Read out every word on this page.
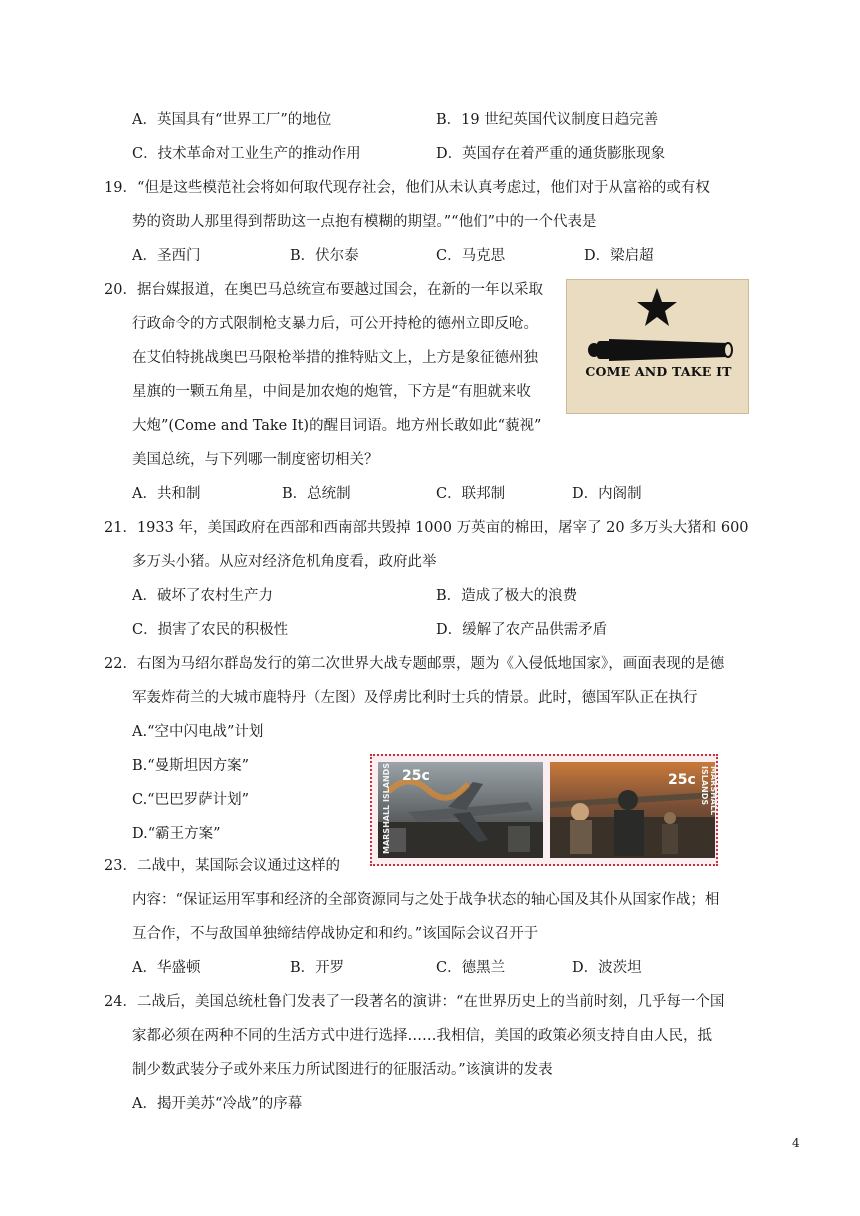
A．英国具有“世界工厂”的地位	B．19 世纪英国代议制度日趋完善
C．技术革命对工业生产的推动作用	D．英国存在着严重的通货膨胀现象
19．“但是这些模范社会将如何取代现存社会，他们从未认真考虑过，他们对于从富裕的或有权
势的资助人那里得到帮助这一点抱有模糊的期望。”“他们”中的一个代表是
A．圣西门	B．伏尔泰	C．马克思	D．梁启超
20．据台媒报道，在奥巴马总统宣布要越过国会，在新的一年以采取
行政命令的方式限制枪支暴力后，可公开持枪的德州立即反呛。
在艾伯特挑战奥巴马限枪举措的推特贴文上，上方是象征德州独
星旗的一颗五角星，中间是加农炮的炮管，下方是“有胆就来收
大炮”(Come and Take It)的醒目词语。地方州长敢如此“藐视”
美国总统，与下列哪一制度密切相关？
A．共和制	B．总统制	C．联邦制	D．内阁制
COME AND TAKE IT
21．1933 年，美国政府在西部和西南部共毁掉 1000 万英亩的棉田，屠宰了 20 多万头大猪和 600
多万头小猪。从应对经济危机角度看，政府此举
A．破坏了农村生产力	B．造成了极大的浪费
C．损害了农民的积极性	D．缓解了农产品供需矛盾
22．右图为马绍尔群岛发行的第二次世界大战专题邮票，题为《入侵低地国家》，画面表现的是德
军轰炸荷兰的大城市鹿特丹（左图）及俘虏比利时士兵的情景。此时，德国军队正在执行
A.“空中闪电战”计划
B.“曼斯坦因方案”
C.“巴巴罗萨计划”
D.“霸王方案”
25c
MARSHALL ISLANDS	25c	MARSHALL ISLANDS
23．二战中，某国际会议通过这样的
内容：“保证运用军事和经济的全部资源同与之处于战争状态的轴心国及其仆从国家作战；相
互合作，不与敌国单独缔结停战协定和和约。”该国际会议召开于
A．华盛顿	B．开罗	C．德黑兰	D．波茨坦
24．二战后，美国总统杜鲁门发表了一段著名的演讲：“在世界历史上的当前时刻，几乎每一个国
家都必须在两种不同的生活方式中进行选择……我相信，美国的政策必须支持自由人民，抵
制少数武装分子或外来压力所试图进行的征服活动。”该演讲的发表
A．揭开美苏“冷战”的序幕
4
